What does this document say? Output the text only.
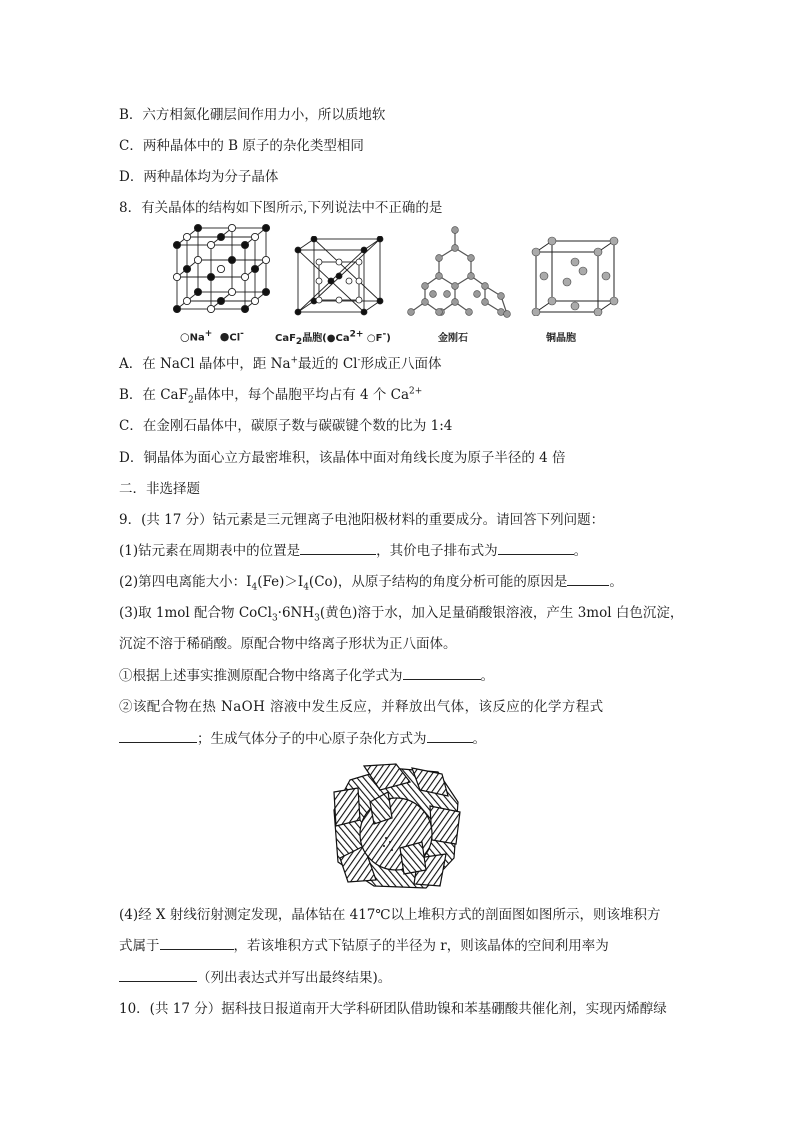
B．六方相氮化硼层间作用力小，所以质地软
C．两种晶体中的 B 原子的杂化类型相同
D．两种晶体均为分子晶体
8．有关晶体的结构如下图所示,下列说法中不正确的是
○Na+ ●Cl-	CaF$_2$晶胞($●Ca^{2+}$ ○F-)	金刚石	铜晶胞
A．在 NaCl 晶体中，距 Na+最近的 Cl-形成正八面体
B．在 CaF$_2$晶体中，每个晶胞平均占有 4 个 $Ca^{2+}$
C．在金刚石晶体中，碳原子数与碳碳键个数的比为 1:4
D．铜晶体为面心立方最密堆积，该晶体中面对角线长度为原子半径的 4 倍
二．非选择题
9．(共 17 分）钴元素是三元锂离子电池阳极材料的重要成分。请回答下列问题：
(1)钴元素在周期表中的位置是	，其价电子排布式为	。
(2)第四电离能大小：$I_4(Fe)>I_4(Co)$，从原子结构的角度分析可能的原因是	。
(3)取 1mol 配合物 $CoCl_3\cdot 6NH_3$(黄色)溶于水，加入足量硝酸银溶液，产生 3mol 白色沉淀，
沉淀不溶于稀硝酸。原配合物中络离子形状为正八面体。
①根据上述事实推测原配合物中络离子化学式为	。
②该配合物在热 NaOH 溶液中发生反应，并释放出气体，该反应的化学方程式
；生成气体分子的中心原子杂化方式为	。
(4)经 X 射线衍射测定发现，晶体钴在 417℃以上堆积方式的剖面图如图所示，则该堆积方
式属于	，若该堆积方式下钴原子的半径为 r，则该晶体的空间利用率为
（列出表达式并写出最终结果)。
10．(共 17 分）据科技日报道南开大学科研团队借助镍和苯基硼酸共催化剂，实现丙烯醇绿
